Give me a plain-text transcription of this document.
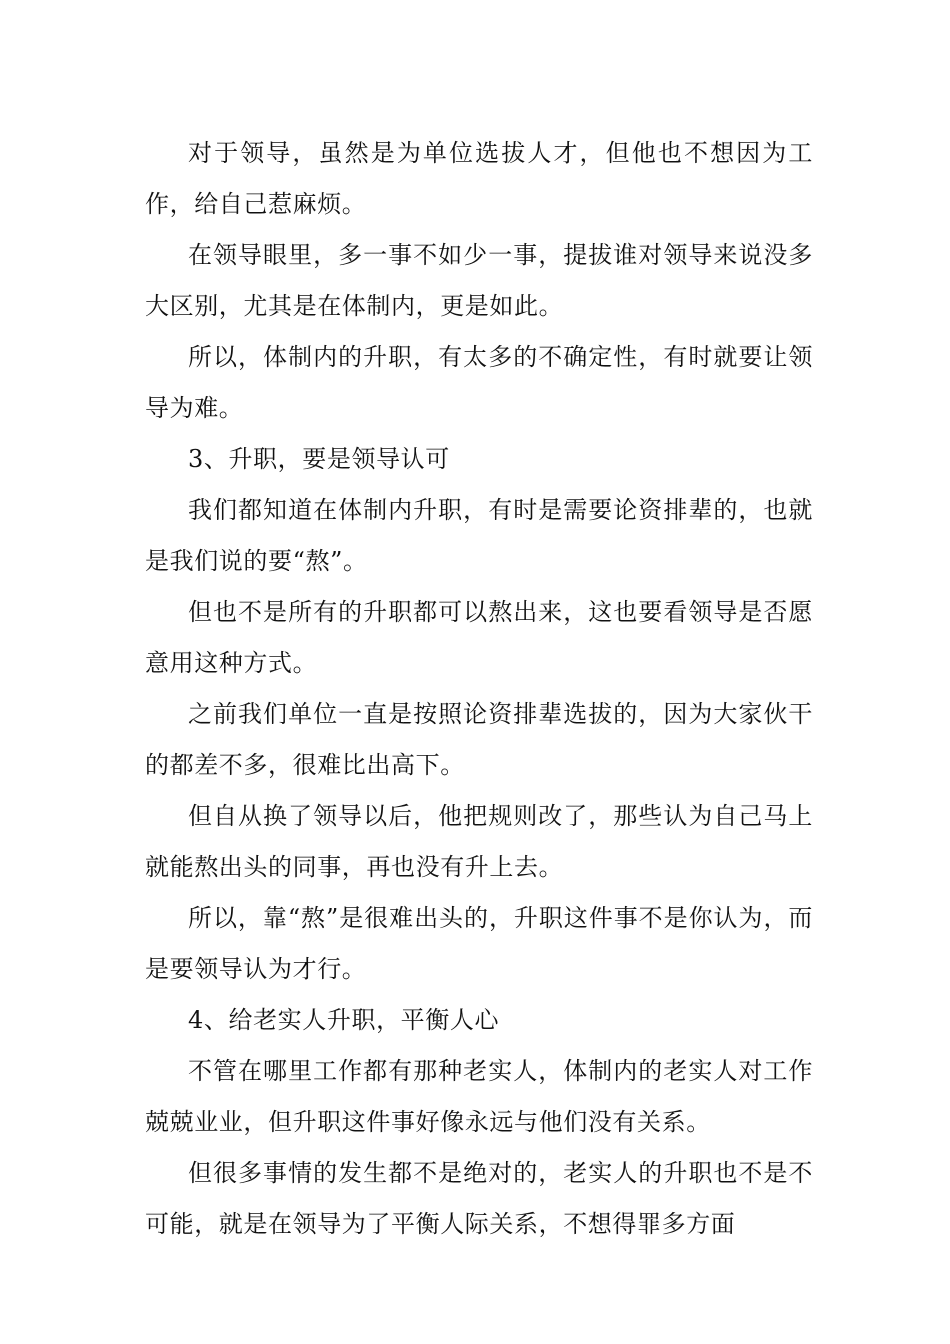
对于领导，虽然是为单位选拔人才，但他也不想因为工作，给自己惹麻烦。

在领导眼里，多一事不如少一事，提拔谁对领导来说没多大区别，尤其是在体制内，更是如此。

所以，体制内的升职，有太多的不确定性，有时就要让领导为难。

3、升职，要是领导认可

我们都知道在体制内升职，有时是需要论资排辈的，也就是我们说的要“熬”。

但也不是所有的升职都可以熬出来，这也要看领导是否愿意用这种方式。

之前我们单位一直是按照论资排辈选拔的，因为大家伙干的都差不多，很难比出高下。

但自从换了领导以后，他把规则改了，那些认为自己马上就能熬出头的同事，再也没有升上去。

所以，靠“熬”是很难出头的，升职这件事不是你认为，而是要领导认为才行。

4、给老实人升职，平衡人心

不管在哪里工作都有那种老实人，体制内的老实人对工作兢兢业业，但升职这件事好像永远与他们没有关系。

但很多事情的发生都不是绝对的，老实人的升职也不是不可能，就是在领导为了平衡人际关系，不想得罪多方面
